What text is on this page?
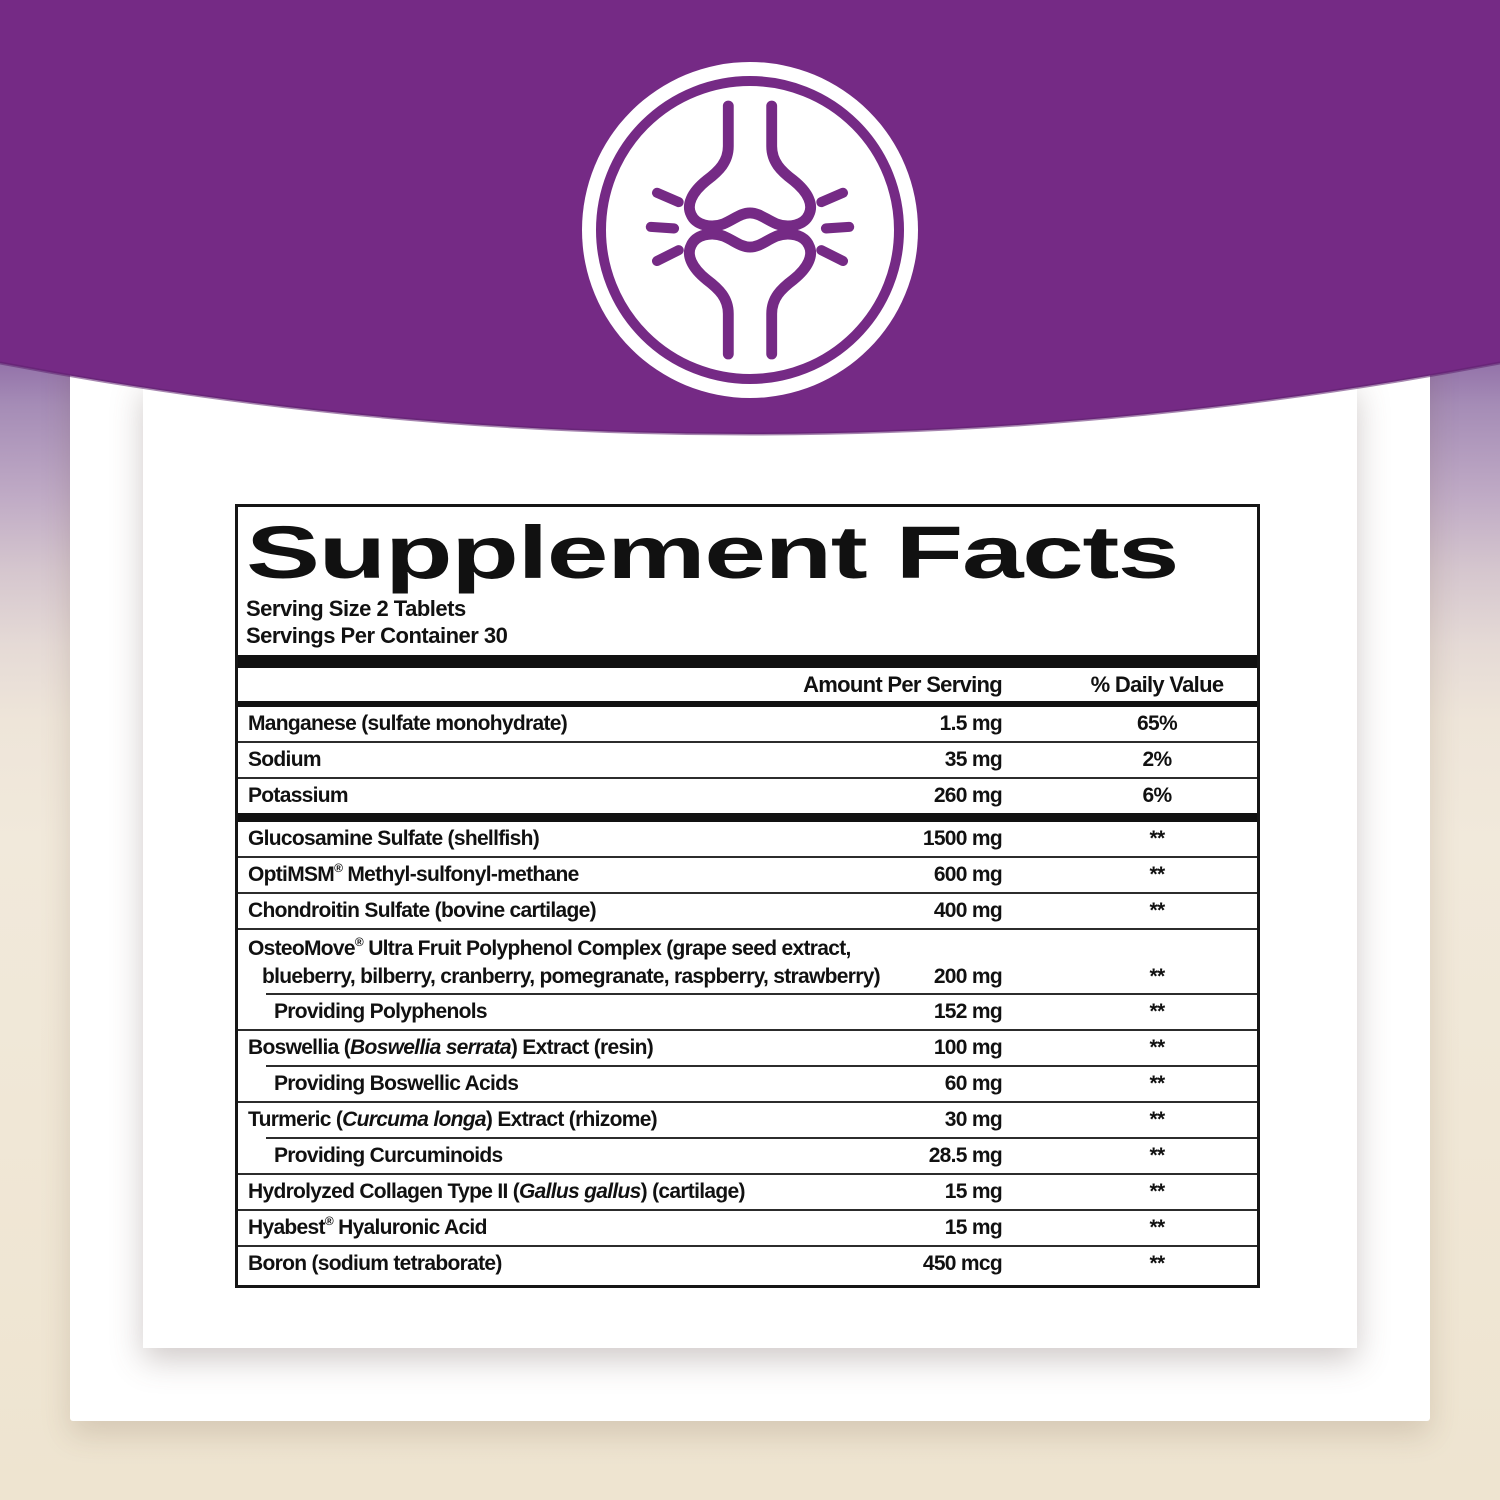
Supplement Facts
Serving Size 2 Tablets
Servings Per Container 30
Amount Per Serving	% Daily Value
Manganese (sulfate monohydrate)	1.5 mg	65%
Sodium	35 mg	2%
Potassium	260 mg	6%
Glucosamine Sulfate (shellfish)	1500 mg	**
OptiMSM® Methyl-sulfonyl-methane	600 mg	**
Chondroitin Sulfate (bovine cartilage)	400 mg	**
OsteoMove® Ultra Fruit Polyphenol Complex (grape seed extract,
blueberry, bilberry, cranberry, pomegranate, raspberry, strawberry)	200 mg	**
Providing Polyphenols	152 mg	**
Boswellia (Boswellia serrata) Extract (resin)	100 mg	**
Providing Boswellic Acids	60 mg	**
Turmeric (Curcuma longa) Extract (rhizome)	30 mg	**
Providing Curcuminoids	28.5 mg	**
Hydrolyzed Collagen Type II (Gallus gallus) (cartilage)	15 mg	**
Hyabest® Hyaluronic Acid	15 mg	**
Boron (sodium tetraborate)	450 mcg	**
